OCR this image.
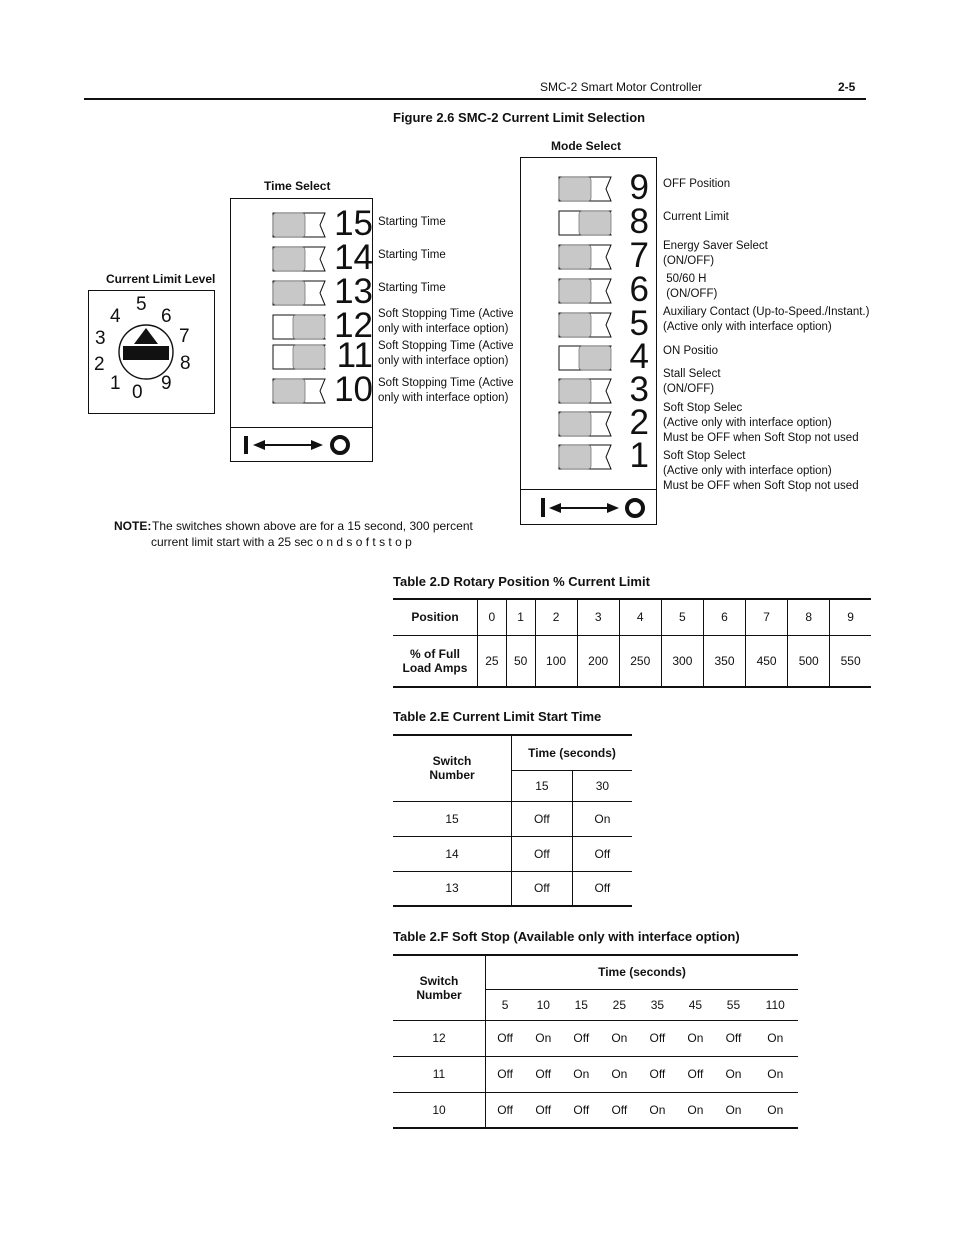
SMC-2 Smart Motor Controller	2-5
Figure 2.6 SMC-2 Current Limit Selection
Current Limit Level
0
1
2
3
4
5
6
7
8
9
Time Select
15
14
13
12
11
10
Starting Time
Starting Time
Starting Time
Soft Stopping Time (Active
only with interface option)
Soft Stopping Time (Active
only with interface option)
Soft Stopping Time (Active
only with interface option)
Mode Select
9
8
7
6
5
4
3
2
1
OFF Position
Current Limit
Energy Saver Select
(ON/OFF)
50/60 H
(ON/OFF)
Auxiliary Contact (Up-to-Speed./Instant.)
(Active only with interface option)
ON Positio
Stall Select
(ON/OFF)
Soft Stop Selec
(Active only with interface option)
Must be OFF when Soft Stop not used
Soft Stop Select
(Active only with interface option)
Must be OFF when Soft Stop not used
NOTE: The switches shown above are for a 15 second, 300 percent
current limit start with a 25 sec o n d s o f t s t o p
Table 2.D Rotary Position % Current Limit
Position	0	1	2	3	4	5	6	7	8	9
% of Full
Load Amps	25	50	100	200	250	300	350	450	500	550
Table 2.E Current Limit Start Time
Switch
Number	Time (seconds)	
	15	30
15	Off	On
14	Off	Off
13	Off	Off
Table 2.F Soft Stop (Available only with interface option)
Switch
Number	Time (seconds)							
	5	10	15	25	35	45	55	110
12	Off	On	Off	On	Off	On	Off	On
11	Off	Off	On	On	Off	Off	On	On
10	Off	Off	Off	Off	On	On	On	On
